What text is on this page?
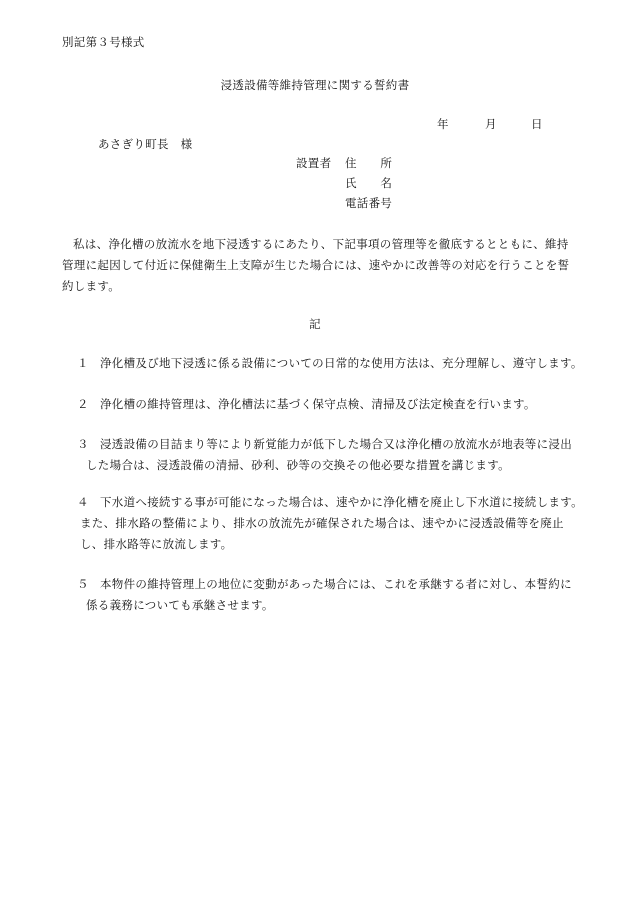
別記第３号様式
浸透設備等維持管理に関する誓約書
年	月	日
あさぎり町長　様
設置者 住　　所
氏　　名
電話番号
私は、浄化槽の放流水を地下浸透するにあたり、下記事項の管理等を徹底するとともに、維持管理に起因して付近に保健衛生上支障が生じた場合には、速やかに改善等の対応を行うことを誓約します。
記
１ 浄化槽及び地下浸透に係る設備についての日常的な使用方法は、充分理解し、遵守します。
２ 浄化槽の維持管理は、浄化槽法に基づく保守点検、清掃及び法定検査を行います。
３ 浸透設備の目詰まり等により新覚能力が低下した場合又は浄化槽の放流水が地表等に浸出
した場合は、浸透設備の清掃、砂利、砂等の交換その他必要な措置を講じます。
４ 下水道へ接続する事が可能になった場合は、速やかに浄化槽を廃止し下水道に接続します。
また、排水路の整備により、排水の放流先が確保された場合は、速やかに浸透設備等を廃止
し、排水路等に放流します。
５ 本物件の維持管理上の地位に変動があった場合には、これを承継する者に対し、本誓約に
係る義務についても承継させます。
